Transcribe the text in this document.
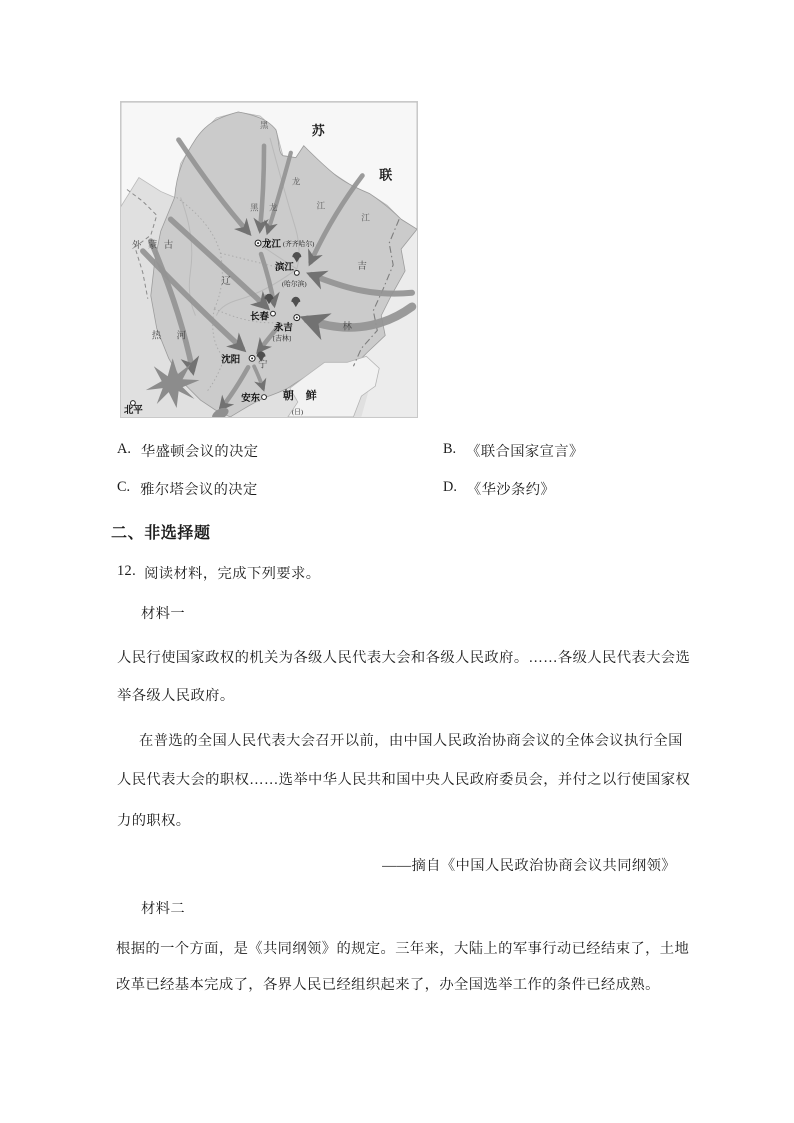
苏
联
黑
龙
黑 龙	江
江
外 蒙 古
吉
林
辽
宁
热 河
龙江 (齐齐哈尔)
滨江
(哈尔滨)
长春
永吉
[吉林]
沈阳
安东
北平
朝 鲜
(日)
A. 华盛顿会议的决定	B. 《联合国家宣言》
C. 雅尔塔会议的决定	D. 《华沙条约》
二、非选择题
12. 阅读材料，完成下列要求。
材料一
人民行使国家政权的机关为各级人民代表大会和各级人民政府。……各级人民代表大会选
举各级人民政府。
在普选的全国人民代表大会召开以前，由中国人民政治协商会议的全体会议执行全国
人民代表大会的职权……选举中华人民共和国中央人民政府委员会，并付之以行使国家权
力的职权。
——摘自《中国人民政治协商会议共同纲领》
材料二
根据的一个方面，是《共同纲领》的规定。三年来，大陆上的军事行动已经结束了，土地
改革已经基本完成了，各界人民已经组织起来了，办全国选举工作的条件已经成熟。
